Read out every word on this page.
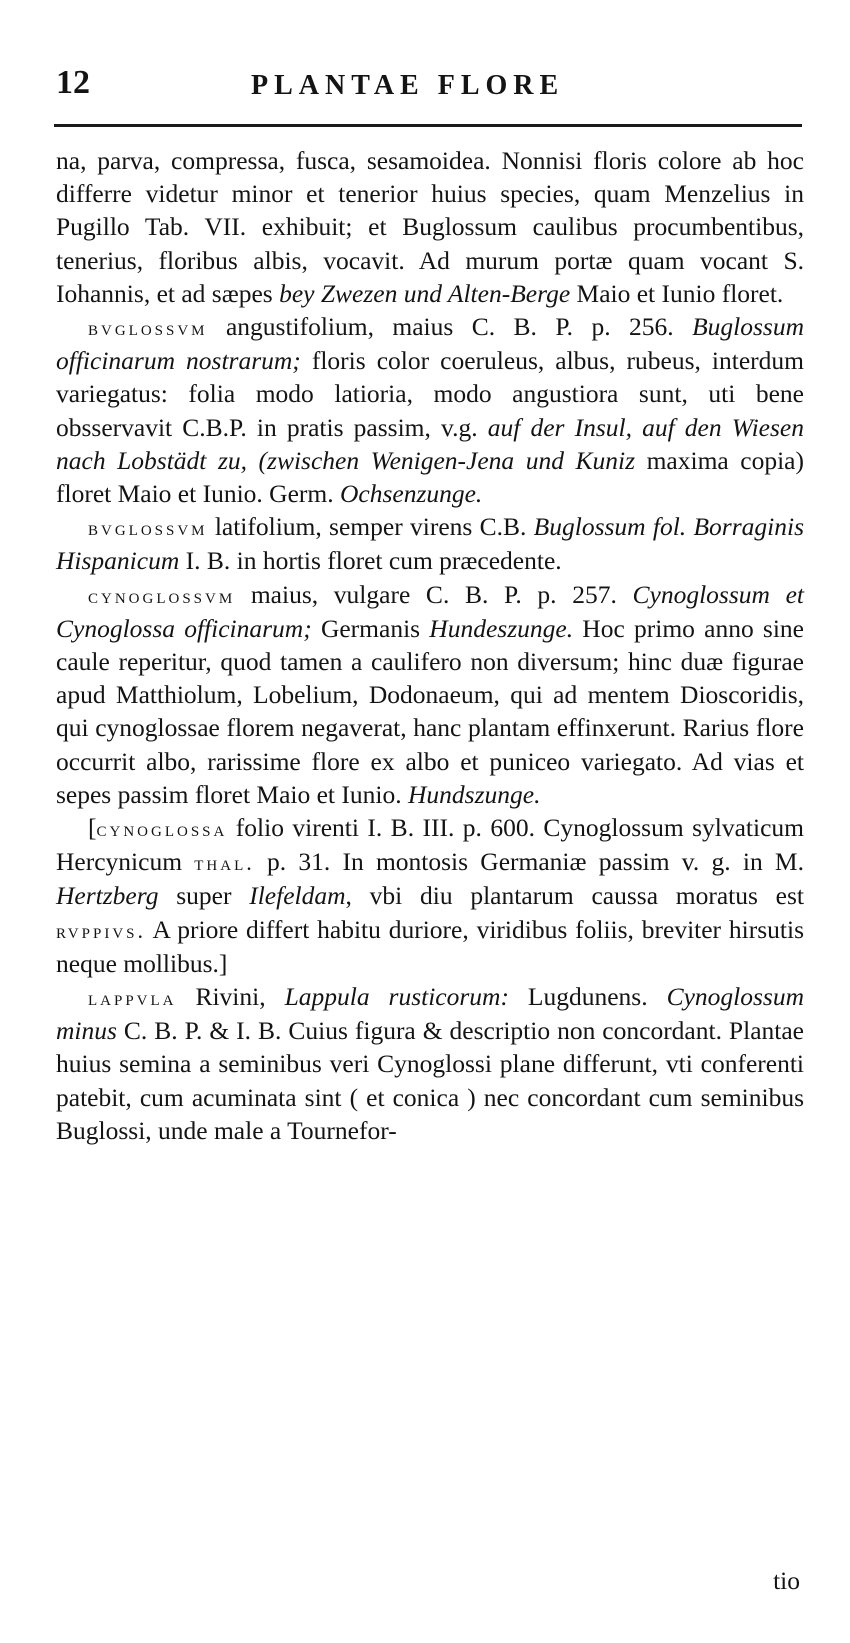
12	PLANTAE FLORE

na, parva, compressa, fusca, sesamoidea. Nonnisi floris colore ab hoc differre videtur minor et tenerior huius species, quam Menzelius in Pugillo Tab. VII. exhibuit; et Buglossum caulibus procumbentibus, tenerius, floribus albis, vocavit. Ad murum portæ quam vocant S. Iohannis, et ad sæpes bey Zwezen und Alten-Berge Maio et Iunio floret.

bvglossvm angustifolium, maius C. B. P. p. 256. Buglossum officinarum nostrarum; floris color coeruleus, albus, rubeus, interdum variegatus: folia modo latioria, modo angustiora sunt, uti bene obsservavit C.B.P. in pratis passim, v.g. auf der Insul, auf den Wiesen nach Lobstädt zu, (zwischen Wenigen-Jena und Kuniz maxima copia) floret Maio et Iunio. Germ. Ochsenzunge.

bvglossvm latifolium, semper virens C.B. Buglossum fol. Borraginis Hispanicum I. B. in hortis floret cum præcedente.

cynoglossvm maius, vulgare C. B. P. p. 257. Cynoglossum et Cynoglossa officinarum; Germanis Hundeszunge. Hoc primo anno sine caule reperitur, quod tamen a caulifero non diversum; hinc duæ figurae apud Matthiolum, Lobelium, Dodonaeum, qui ad mentem Dioscoridis, qui cynoglossae florem negaverat, hanc plantam effinxerunt. Rarius flore occurrit albo, rarissime flore ex albo et puniceo variegato. Ad vias et sepes passim floret Maio et Iunio. Hundszunge.

[cynoglossa folio virenti I. B. III. p. 600. Cynoglossum sylvaticum Hercynicum thal. p. 31. In montosis Germaniæ passim v. g. in M. Hertzberg super Ilefeldam, vbi diu plantarum caussa moratus est rvppivs. A priore differt habitu duriore, viridibus foliis, breviter hirsutis neque mollibus.]

lappvla Rivini, Lappula rusticorum: Lugdunens. Cynoglossum minus C. B. P. & I. B. Cuius figura & descriptio non concordant. Plantae huius semina a seminibus veri Cynoglossi plane differunt, vti conferenti patebit, cum acuminata sint ( et conica ) nec concordant cum seminibus Buglossi, unde male a Tournefor-

tio
